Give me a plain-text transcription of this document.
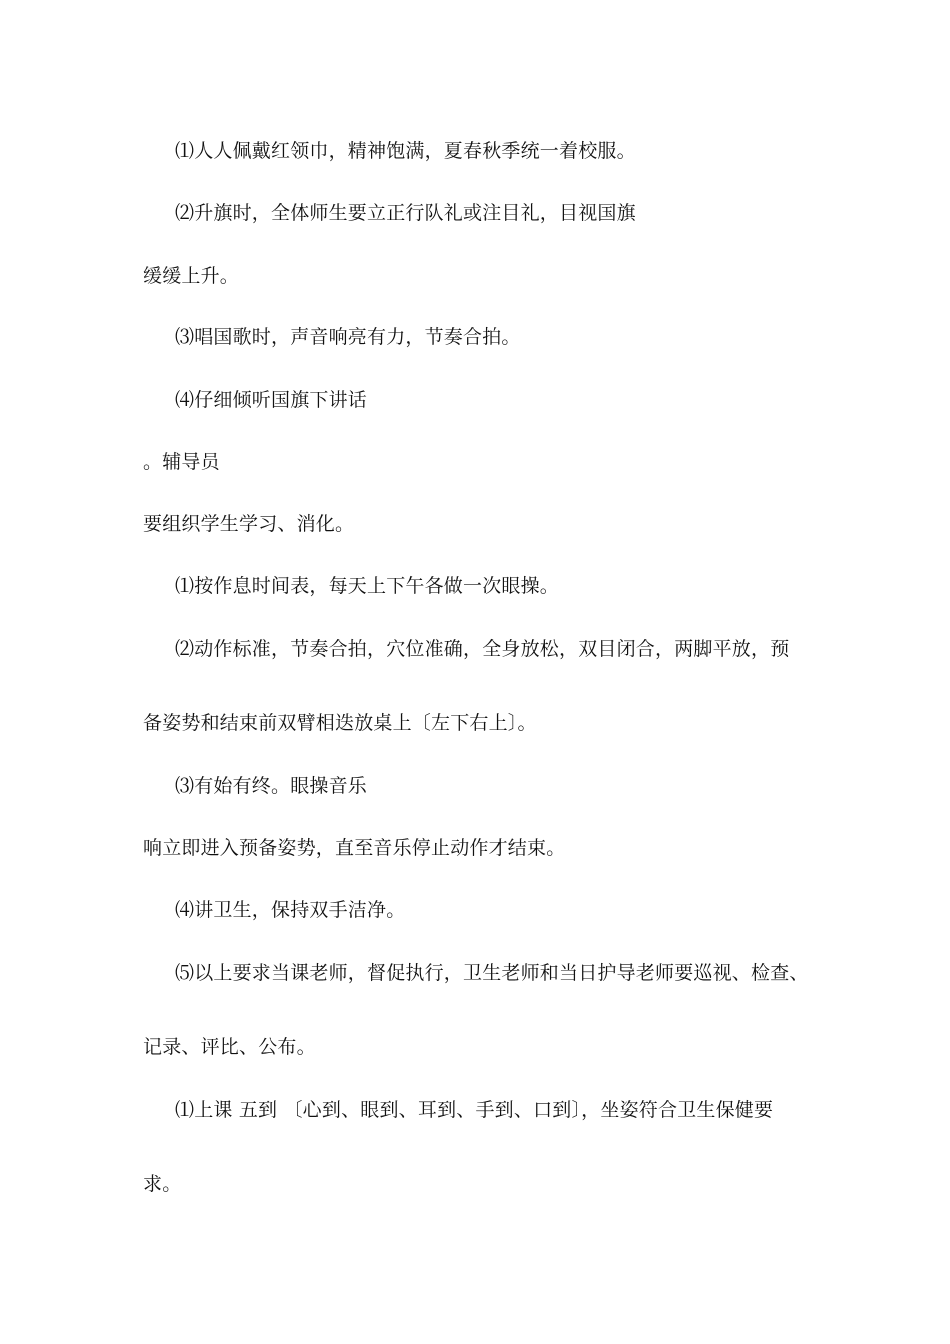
⑴人人佩戴红领巾，精神饱满，夏春秋季统一着校服。
⑵升旗时，全体师生要立正行队礼或注目礼，目视国旗
缓缓上升。
⑶唱国歌时，声音响亮有力，节奏合拍。
⑷仔细倾听国旗下讲话
。辅导员
要组织学生学习、消化。
⑴按作息时间表，每天上下午各做一次眼操。
⑵动作标准，节奏合拍，穴位准确，全身放松，双目闭合，两脚平放，预
备姿势和结束前双臂相迭放桌上〔左下右上〕。
⑶有始有终。眼操音乐
响立即进入预备姿势，直至音乐停止动作才结束。
⑷讲卫生，保持双手洁净。
⑸以上要求当课老师，督促执行，卫生老师和当日护导老师要巡视、检查、
记录、评比、公布。
⑴上课 五到 〔心到、眼到、耳到、手到、口到〕，坐姿符合卫生保健要
求。
